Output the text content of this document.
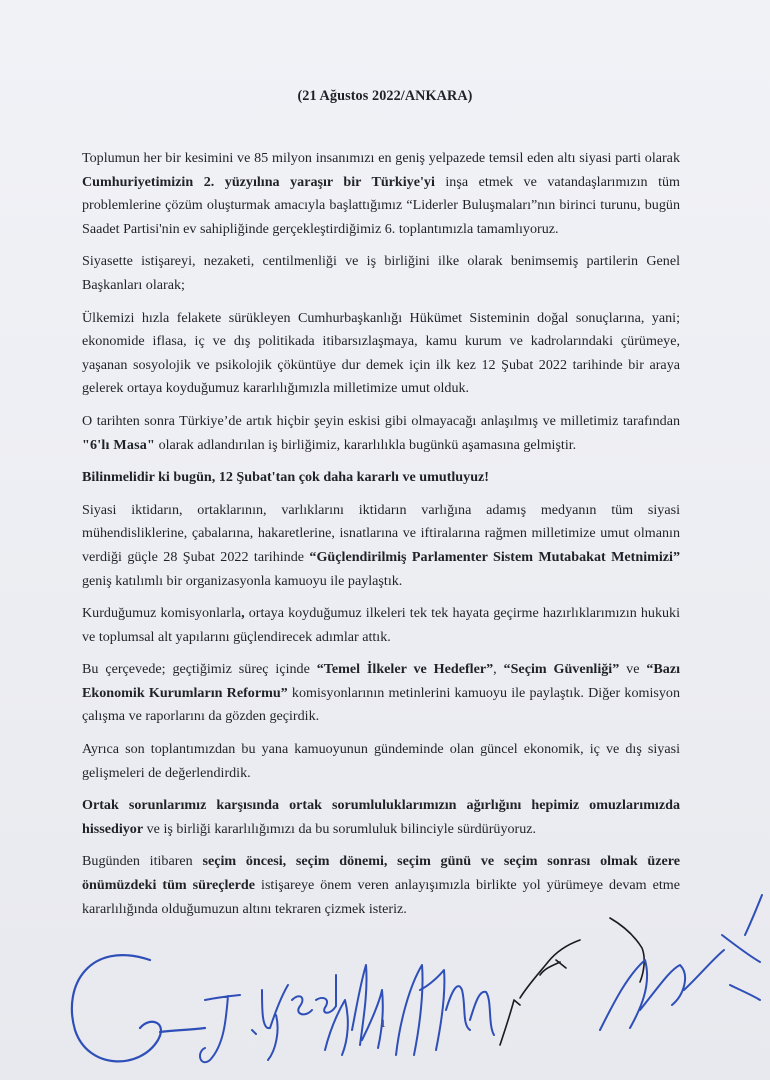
(21 Ağustos 2022/ANKARA)

Toplumun her bir kesimini ve 85 milyon insanımızı en geniş yelpazede temsil eden altı siyasi parti olarak Cumhuriyetimizin 2. yüzyılına yaraşır bir Türkiye'yi inşa etmek ve vatandaşlarımızın tüm problemlerine çözüm oluşturmak amacıyla başlattığımız “Liderler Buluşmaları”nın birinci turunu, bugün Saadet Partisi'nin ev sahipliğinde gerçekleştirdiğimiz 6. toplantımızla tamamlıyoruz.

Siyasette istişareyi, nezaketi, centilmenliği ve iş birliğini ilke olarak benimsemiş partilerin Genel Başkanları olarak;

Ülkemizi hızla felakete sürükleyen Cumhurbaşkanlığı Hükümet Sisteminin doğal sonuçlarına, yani; ekonomide iflasa, iç ve dış politikada itibarsızlaşmaya, kamu kurum ve kadrolarındaki çürümeye, yaşanan sosyolojik ve psikolojik çöküntüye dur demek için ilk kez 12 Şubat 2022 tarihinde bir araya gelerek ortaya koyduğumuz kararlılığımızla milletimize umut olduk.

O tarihten sonra Türkiye’de artık hiçbir şeyin eskisi gibi olmayacağı anlaşılmış ve milletimiz tarafından "6'lı Masa" olarak adlandırılan iş birliğimiz, kararlılıkla bugünkü aşamasına gelmiştir.

Bilinmelidir ki bugün, 12 Şubat'tan çok daha kararlı ve umutluyuz!

Siyasi iktidarın, ortaklarının, varlıklarını iktidarın varlığına adamış medyanın tüm siyasi mühendisliklerine, çabalarına, hakaretlerine, isnatlarına ve iftiralarına rağmen milletimize umut olmanın verdiği güçle 28 Şubat 2022 tarihinde “Güçlendirilmiş Parlamenter Sistem Mutabakat Metnimizi” geniş katılımlı bir organizasyonla kamuoyu ile paylaştık.

Kurduğumuz komisyonlarla, ortaya koyduğumuz ilkeleri tek tek hayata geçirme hazırlıklarımızın hukuki ve toplumsal alt yapılarını güçlendirecek adımlar attık.

Bu çerçevede; geçtiğimiz süreç içinde “Temel İlkeler ve Hedefler”, “Seçim Güvenliği” ve “Bazı Ekonomik Kurumların Reformu” komisyonlarının metinlerini kamuoyu ile paylaştık. Diğer komisyon çalışma ve raporlarını da gözden geçirdik.

Ayrıca son toplantımızdan bu yana kamuoyunun gündeminde olan güncel ekonomik, iç ve dış siyasi gelişmeleri de değerlendirdik.

Ortak sorunlarımız karşısında ortak sorumluluklarımızın ağırlığını hepimiz omuzlarımızda hissediyor ve iş birliği kararlılığımızı da bu sorumluluk bilinciyle sürdürüyoruz.

Bugünden itibaren seçim öncesi, seçim dönemi, seçim günü ve seçim sonrası olmak üzere önümüzdeki tüm süreçlerde istişareye önem veren anlayışımızla birlikte yol yürümeye devam etme kararlılığında olduğumuzun altını tekraren çizmek isteriz.

1
